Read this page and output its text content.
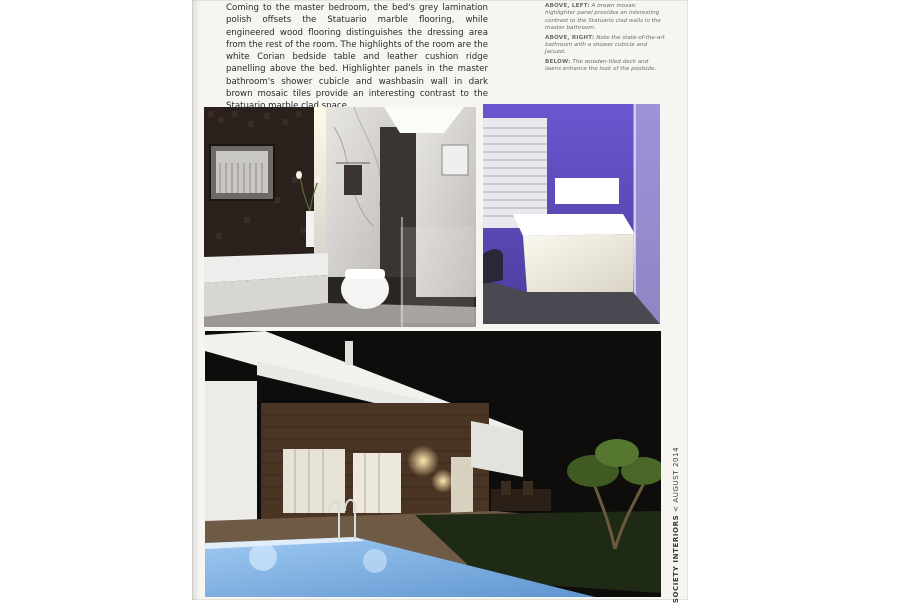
Coming to the master bedroom, the bed's grey lamination polish offsets the Statuario marble flooring, while engineered wood flooring distinguishes the dressing area from the rest of the room. The highlights of the room are the white Corian bedside table and leather cushion ridge panelling above the bed. Highlighter panels in the master bathroom's shower cubicle and washbasin wall in dark brown mosaic tiles provide an interesting contrast to the

ABOVE, LEFT: A brown mosaic highlighter panel provides an interesting contrast to the Statuario clad walls in the master bathroom.

ABOVE, RIGHT: Note the state-of-the-art bathroom with a shower cubicle and Jacuzzi.

BELOW: The wooden-tiled deck and lawns enhance the look of the poolside.

SOCIETY INTERIORS < AUGUST 2014
